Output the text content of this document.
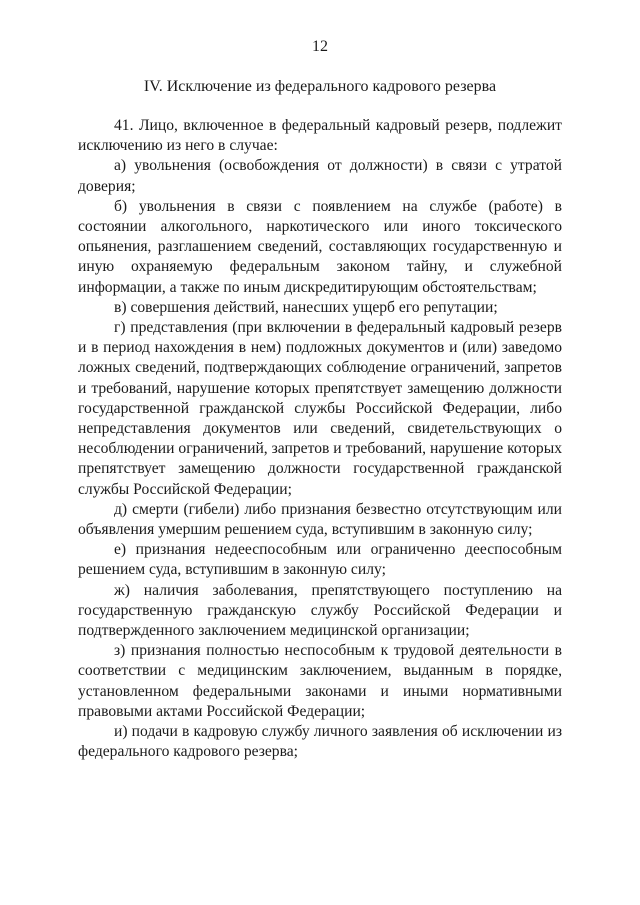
12
IV. Исключение из федерального кадрового резерва

41. Лицо, включенное в федеральный кадровый резерв, подлежит исключению из него в случае:

а) увольнения (освобождения от должности) в связи с утратой доверия;

б) увольнения в связи с появлением на службе (работе) в состоянии алкогольного, наркотического или иного токсического опьянения, разглашением сведений, составляющих государственную и иную охраняемую федеральным законом тайну, и служебной информации, а также по иным дискредитирующим обстоятельствам;

в) совершения действий, нанесших ущерб его репутации;

г) представления (при включении в федеральный кадровый резерв и в период нахождения в нем) подложных документов и (или) заведомо ложных сведений, подтверждающих соблюдение ограничений, запретов и требований, нарушение которых препятствует замещению должности государственной гражданской службы Российской Федерации, либо непредставления документов или сведений, свидетельствующих о несоблюдении ограничений, запретов и требований, нарушение которых препятствует замещению должности государственной гражданской службы Российской Федерации;

д) смерти (гибели) либо признания безвестно отсутствующим или объявления умершим решением суда, вступившим в законную силу;

е) признания недееспособным или ограниченно дееспособным решением суда, вступившим в законную силу;

ж) наличия заболевания, препятствующего поступлению на государственную гражданскую службу Российской Федерации и подтвержденного заключением медицинской организации;

з) признания полностью неспособным к трудовой деятельности в соответствии с медицинским заключением, выданным в порядке, установленном федеральными законами и иными нормативными правовыми актами Российской Федерации;

и) подачи в кадровую службу личного заявления об исключении из федерального кадрового резерва;
